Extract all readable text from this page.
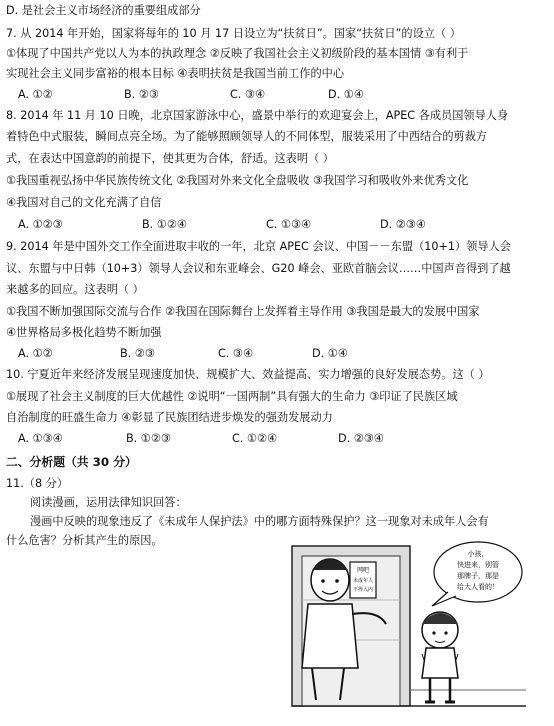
D. 是社会主义市场经济的重要组成部分
7. 从 2014 年开始，国家将每年的 10 月 17 日设立为“扶贫日”。国家“扶贫日”的设立（ ）
①体现了中国共产党以人为本的执政理念 ②反映了我国社会主义初级阶段的基本国情 ③有利于
实现社会主义同步富裕的根本目标 ④表明扶贫是我国当前工作的中心
A. ①②	B. ②③	C. ③④	D. ①④
8. 2014 年 11 月 10 日晚，北京国家游泳中心，盛景中举行的欢迎宴会上，APEC 各成员国领导人身
着特色中式服装，瞬间点亮全场。为了能够照顾领导人的不同体型，服装采用了中西结合的剪裁方
式，在表达中国意韵的前提下，使其更为合体，舒适。这表明（ ）
①我国重视弘扬中华民族传统文化 ②我国对外来文化全盘吸收 ③我国学习和吸收外来优秀文化
④我国对自己的文化充满了自信
A. ①②③	B. ①②④	C. ①③④	D. ②③④
9. 2014 年是中国外交工作全面进取丰收的一年，北京 APEC 会议、中国－－东盟（10+1）领导人会
议、东盟与中日韩（10+3）领导人会议和东亚峰会、G20 峰会、亚欧首脑会议……中国声音得到了越
来越多的回应。这表明（ ）
①我国不断加强国际交流与合作 ②我国在国际舞台上发挥着主导作用 ③我国是最大的发展中国家
④世界格局多极化趋势不断加强
A. ①②	B. ②③	C. ③④	D. ①④
10. 宁夏近年来经济发展呈现速度加快、规模扩大、效益提高、实力增强的良好发展态势。这（ ）
①展现了社会主义制度的巨大优越性 ②说明“一国两制”具有强大的生命力 ③印证了民族区域
自治制度的旺盛生命力 ④彰显了民族团结进步焕发的强劲发展动力
A. ①③④	B. ①②③	C. ①②④	D. ②③④
二、分析题（共 30 分）
11.（8 分）
阅读漫画，运用法律知识回答：
漫画中反映的现象违反了《未成年人保护法》中的哪方面特殊保护？这一现象对未成年人会有
什么危害？分析其产生的原因。
网吧
未成年人
不得入内
小孩，
快进来，别管
那牌子，那是
给大人看的！
